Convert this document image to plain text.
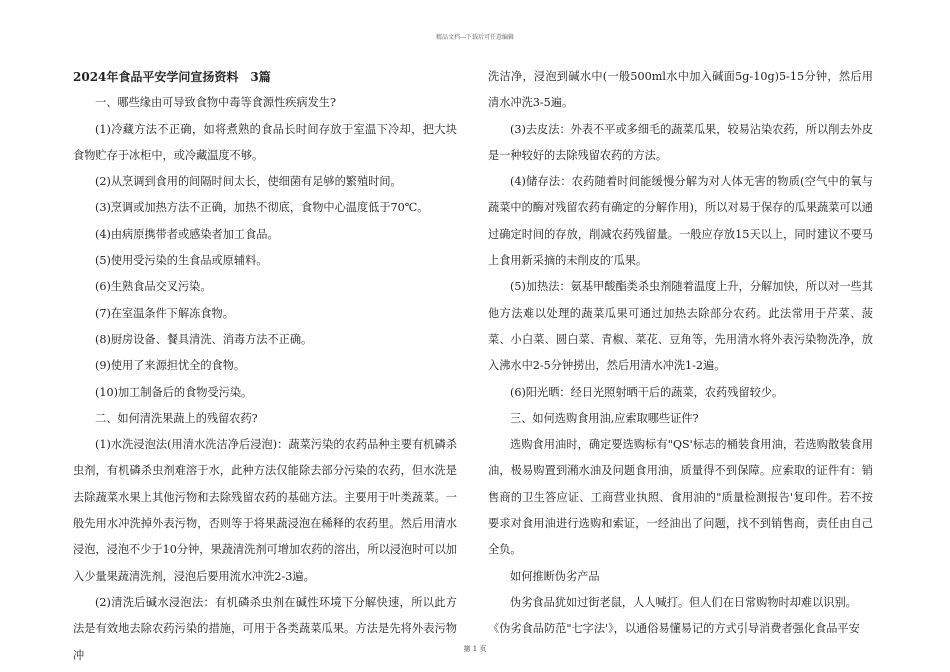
精品文档---下载后可任意编辑

2024年食品平安学问宣扬资料　3篇

一、哪些缘由可导致食物中毒等食源性疾病发生?

(1)冷藏方法不正确，如将煮熟的食品长时间存放于室温下冷却，把大块食物贮存于冰柜中，或冷藏温度不够。

(2)从烹调到食用的间隔时间太长，使细菌有足够的繁殖时间。

(3)烹调或加热方法不正确，加热不彻底，食物中心温度低于70℃。

(4)由病原携带者或感染者加工食品。

(5)使用受污染的生食品或原辅料。

(6)生熟食品交叉污染。

(7)在室温条件下解冻食物。

(8)厨房设备、餐具清洗、消毒方法不正确。

(9)使用了来源担忧全的食物。

(10)加工制备后的食物受污染。

二、如何清洗果蔬上的残留农药?

(1)水洗浸泡法(用清水洗洁净后浸泡)：蔬菜污染的农药品种主要有机磷杀虫剂，有机磷杀虫剂难溶于水，此种方法仅能除去部分污染的农药，但水洗是去除蔬菜水果上其他污物和去除残留农药的基础方法。主要用于叶类蔬菜。一般先用水冲洗掉外表污物，否则等于将果蔬浸泡在稀释的农药里。然后用清水浸泡，浸泡不少于10分钟，果蔬清洗剂可增加农药的溶出，所以浸泡时可以加入少量果蔬清洗剂，浸泡后要用流水冲洗2-3遍。

(2)清洗后碱水浸泡法：有机磷杀虫剂在碱性环境下分解快速，所以此方法是有效地去除农药污染的措施，可用于各类蔬菜瓜果。方法是先将外表污物冲

洗洁净，浸泡到碱水中(一般500ml水中加入碱面5g-10g)5-15分钟，然后用清水冲洗3-5遍。

(3)去皮法：外表不平或多细毛的蔬菜瓜果，较易沾染农药，所以削去外皮是一种较好的去除残留农药的方法。

(4)储存法：农药随着时间能缓慢分解为对人体无害的物质(空气中的氧与蔬菜中的酶对残留农药有确定的分解作用)，所以对易于保存的瓜果蔬菜可以通过确定时间的存放，削减农药残留量。一般应存放15天以上，同时建议不要马上食用新采摘的未削皮的′瓜果。

(5)加热法：氨基甲酸酯类杀虫剂随着温度上升，分解加快，所以对一些其他方法难以处理的蔬菜瓜果可通过加热去除部分农药。此法常用于芹菜、菠菜、小白菜、圆白菜、青椒、菜花、豆角等，先用清水将外表污染物洗净，放入沸水中2-5分钟捞出，然后用清水冲洗1-2遍。

(6)阳光晒：经日光照射晒干后的蔬菜，农药残留较少。

三、如何选购食用油,应索取哪些证件?

选购食用油时，确定要选购标有"QS'标志的桶装食用油，若选购散装食用油，极易购置到潲水油及问题食用油，质量得不到保障。应索取的证件有：销售商的卫生答应证、工商营业执照、食用油的"质量检测报告'复印件。若不按要求对食用油进行选购和索证，一经油出了问题，找不到销售商，责任由自己全负。

如何推断伪劣产品

伪劣食品犹如过街老鼠，人人喊打。但人们在日常购物时却难以识别。

《伪劣食品防范"七字法'》，以通俗易懂易记的方式引导消费者强化食品平安

第 1 页
